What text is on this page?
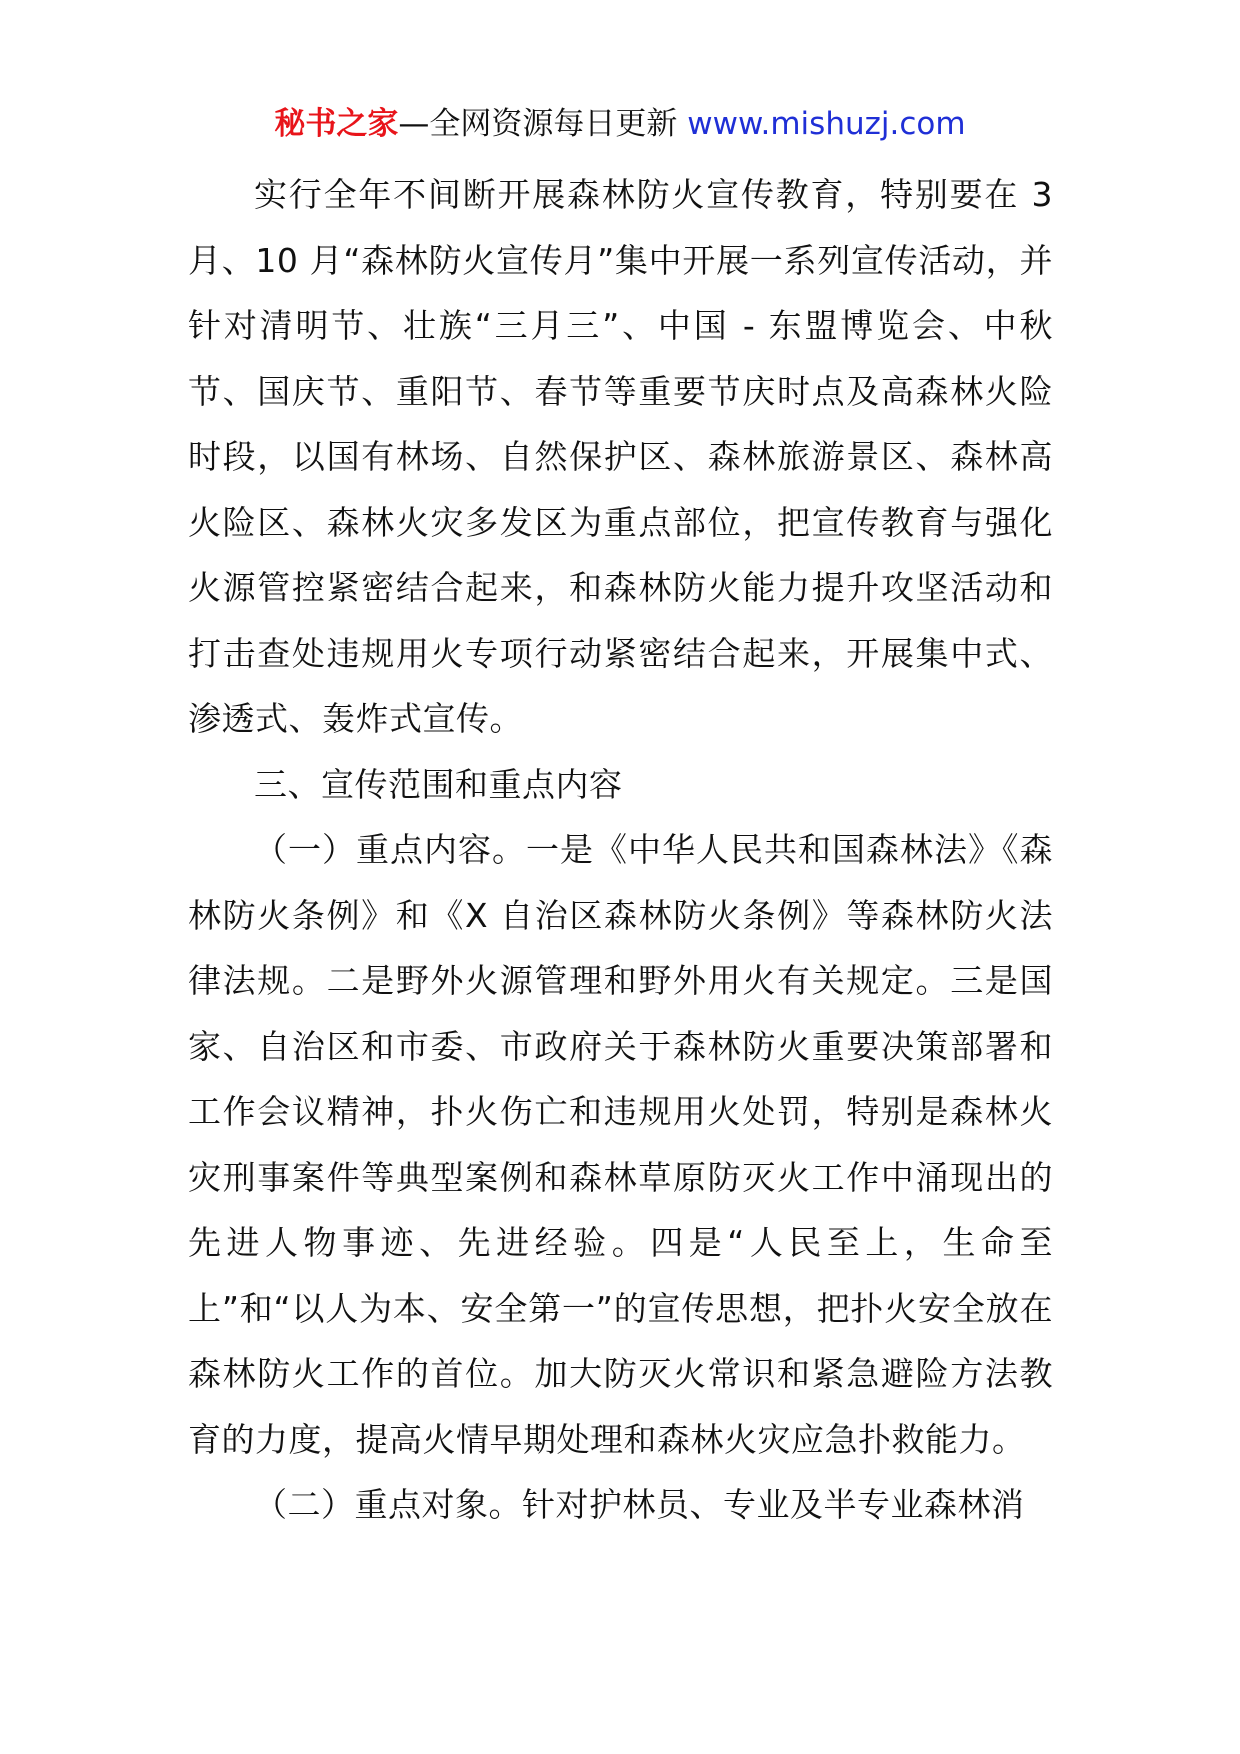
秘书之家—全网资源每日更新 www.mishuzj.com

实行全年不间断开展森林防火宣传教育，特别要在 3 月、10 月“森林防火宣传月”集中开展一系列宣传活动，并针对清明节、壮族“三月三”、中国 - 东盟博览会、中秋节、国庆节、重阳节、春节等重要节庆时点及高森林火险时段，以国有林场、自然保护区、森林旅游景区、森林高火险区、森林火灾多发区为重点部位，把宣传教育与强化火源管控紧密结合起来，和森林防火能力提升攻坚活动和打击查处违规用火专项行动紧密结合起来，开展集中式、渗透式、轰炸式宣传。

三、宣传范围和重点内容

（一）重点内容。一是《中华人民共和国森林法》《森林防火条例》和《X 自治区森林防火条例》等森林防火法律法规。二是野外火源管理和野外用火有关规定。三是国家、自治区和市委、市政府关于森林防火重要决策部署和工作会议精神，扑火伤亡和违规用火处罚，特别是森林火灾刑事案件等典型案例和森林草原防灭火工作中涌现出的先进人物事迹、先进经验。四是“人民至上，生命至上”和“以人为本、安全第一”的宣传思想，把扑火安全放在森林防火工作的首位。加大防灭火常识和紧急避险方法教育的力度，提高火情早期处理和森林火灾应急扑救能力。

（二）重点对象。针对护林员、专业及半专业森林消
